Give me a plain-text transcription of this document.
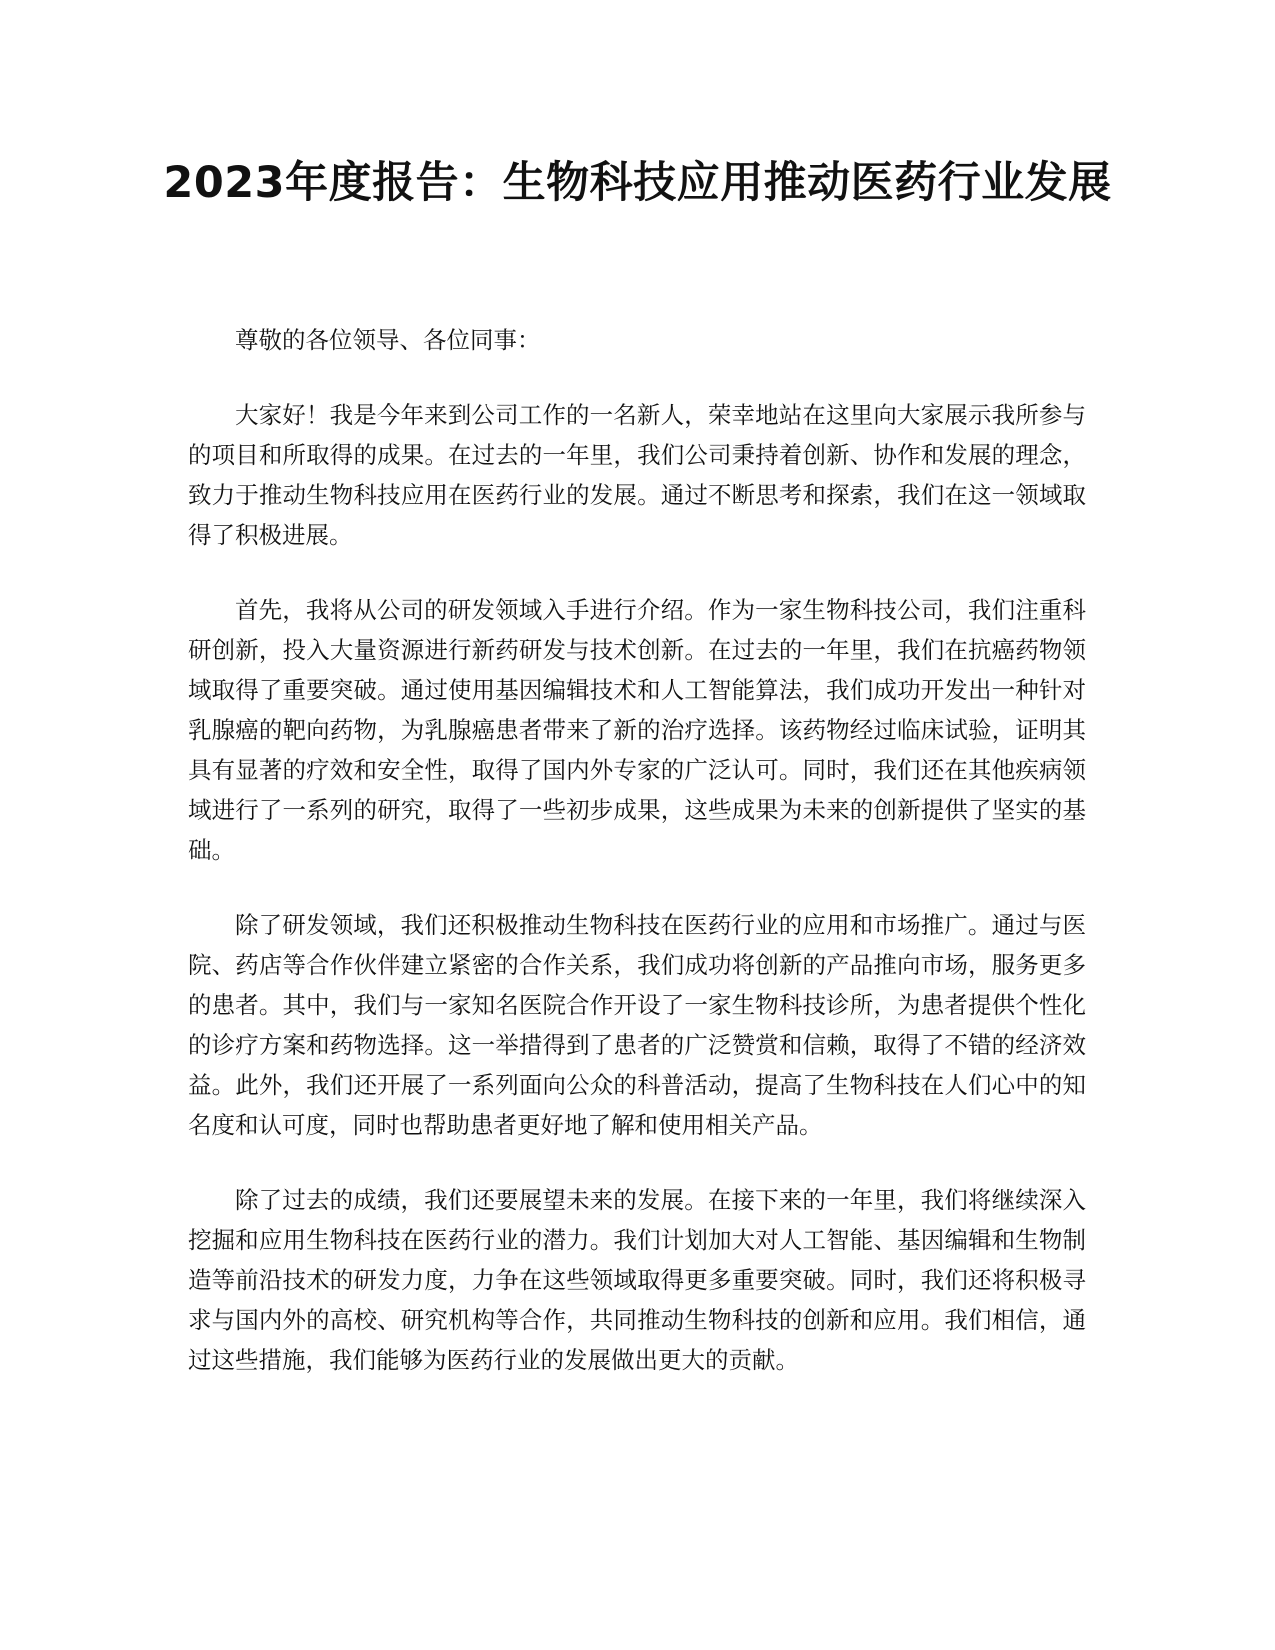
2023年度报告：生物科技应用推动医药行业发展

尊敬的各位领导、各位同事：

大家好！我是今年来到公司工作的一名新人，荣幸地站在这里向大家展示我所参与的项目和所取得的成果。在过去的一年里，我们公司秉持着创新、协作和发展的理念，致力于推动生物科技应用在医药行业的发展。通过不断思考和探索，我们在这一领域取得了积极进展。

首先，我将从公司的研发领域入手进行介绍。作为一家生物科技公司，我们注重科研创新，投入大量资源进行新药研发与技术创新。在过去的一年里，我们在抗癌药物领域取得了重要突破。通过使用基因编辑技术和人工智能算法，我们成功开发出一种针对乳腺癌的靶向药物，为乳腺癌患者带来了新的治疗选择。该药物经过临床试验，证明其具有显著的疗效和安全性，取得了国内外专家的广泛认可。同时，我们还在其他疾病领域进行了一系列的研究，取得了一些初步成果，这些成果为未来的创新提供了坚实的基础。

除了研发领域，我们还积极推动生物科技在医药行业的应用和市场推广。通过与医院、药店等合作伙伴建立紧密的合作关系，我们成功将创新的产品推向市场，服务更多的患者。其中，我们与一家知名医院合作开设了一家生物科技诊所，为患者提供个性化的诊疗方案和药物选择。这一举措得到了患者的广泛赞赏和信赖，取得了不错的经济效益。此外，我们还开展了一系列面向公众的科普活动，提高了生物科技在人们心中的知名度和认可度，同时也帮助患者更好地了解和使用相关产品。

除了过去的成绩，我们还要展望未来的发展。在接下来的一年里，我们将继续深入挖掘和应用生物科技在医药行业的潜力。我们计划加大对人工智能、基因编辑和生物制造等前沿技术的研发力度，力争在这些领域取得更多重要突破。同时，我们还将积极寻求与国内外的高校、研究机构等合作，共同推动生物科技的创新和应用。我们相信，通过这些措施，我们能够为医药行业的发展做出更大的贡献。
